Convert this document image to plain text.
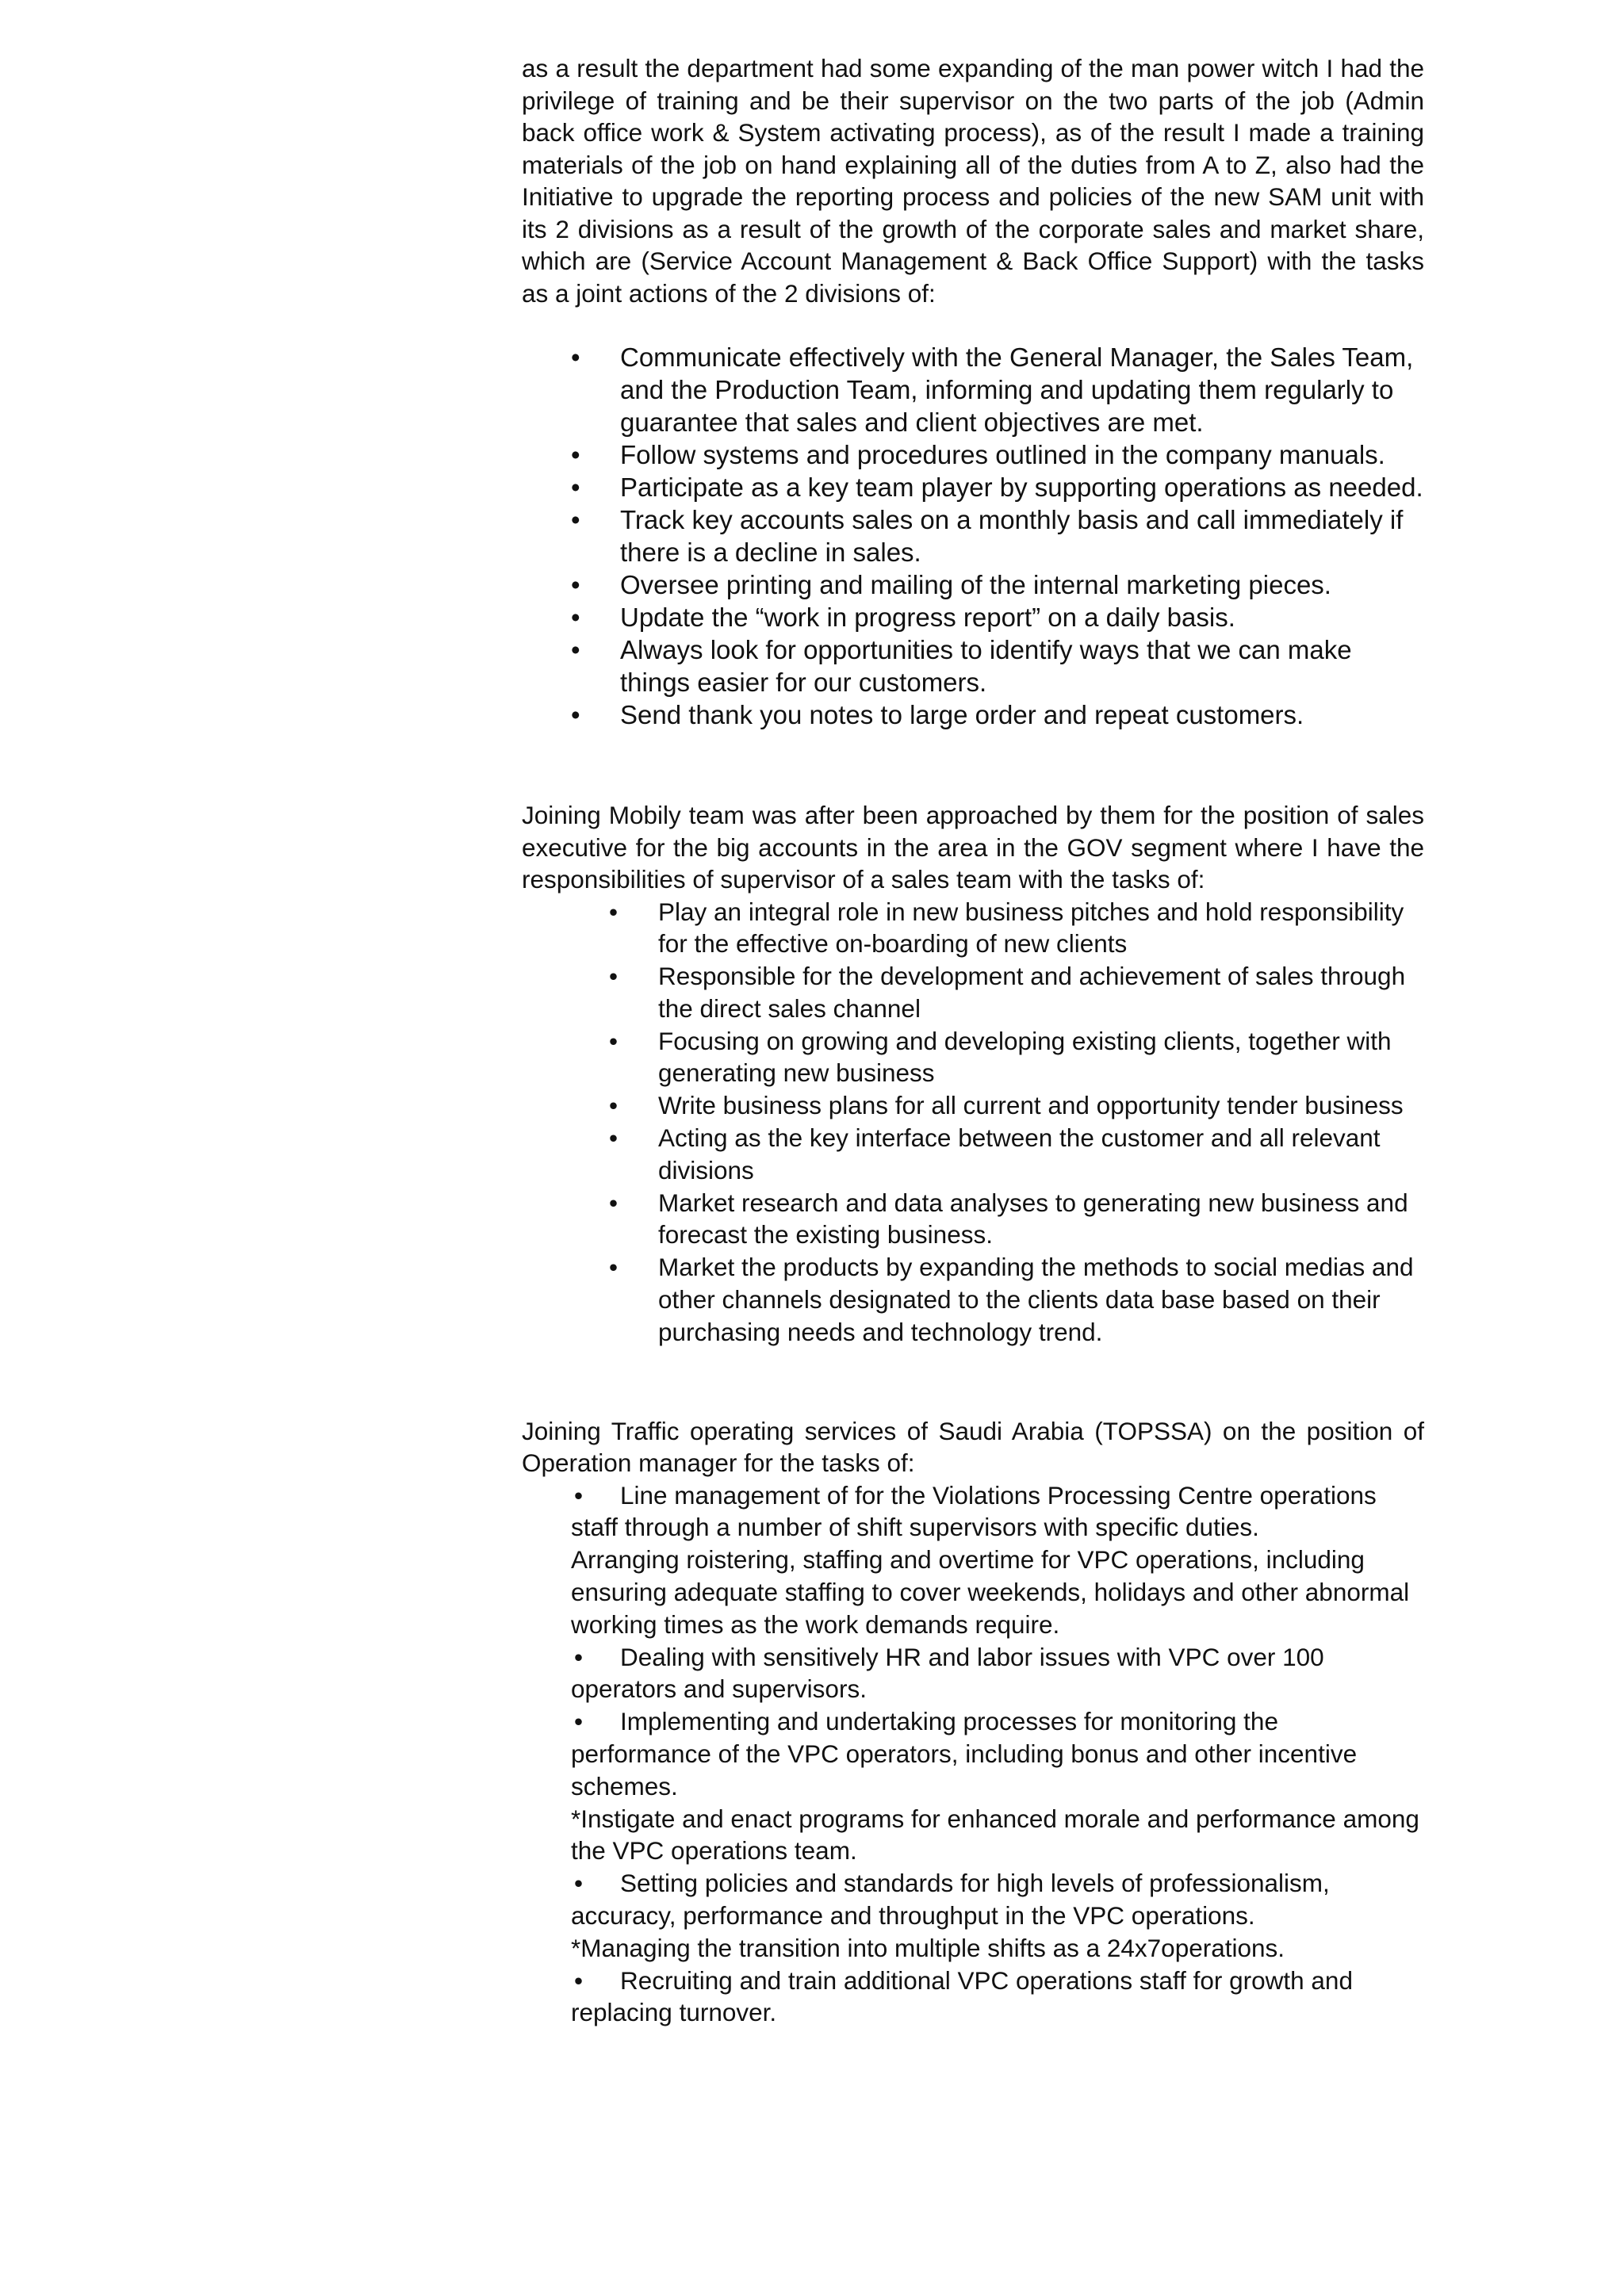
as a result the department had some expanding of the man power witch I had the privilege of training and be their supervisor on the two parts of the job (Admin back office work & System activating process), as of the result I made a training materials of the job on hand explaining all of the duties from A to Z, also had the Initiative to upgrade the reporting process and policies of the new SAM unit with its 2 divisions as a result of the growth of the corporate sales and market share, which are (Service Account Management & Back Office Support) with the tasks as a joint actions of the 2 divisions of:

• Communicate effectively with the General Manager, the Sales Team, and the Production Team, informing and updating them regularly to guarantee that sales and client objectives are met.
• Follow systems and procedures outlined in the company manuals.
• Participate as a key team player by supporting operations as needed.
• Track key accounts sales on a monthly basis and call immediately if there is a decline in sales.
• Oversee printing and mailing of the internal marketing pieces.
• Update the “work in progress report” on a daily basis.
• Always look for opportunities to identify ways that we can make things easier for our customers.
• Send thank you notes to large order and repeat customers.

Joining Mobily team was after been approached by them for the position of sales executive for the big accounts in the area in the GOV segment where I have the responsibilities of supervisor of a sales team with the tasks of:

• Play an integral role in new business pitches and hold responsibility for the effective on-boarding of new clients
• Responsible for the development and achievement of sales through the direct sales channel
• Focusing on growing and developing existing clients, together with generating new business
• Write business plans for all current and opportunity tender business
• Acting as the key interface between the customer and all relevant divisions
• Market research and data analyses to generating new business and forecast the existing business.
• Market the products by expanding the methods to social medias and other channels designated to the clients data base based on their purchasing needs and technology trend.

Joining Traffic operating services of Saudi Arabia (TOPSSA) on the position of Operation manager for the tasks of:

• Line management of for the Violations Processing Centre operations staff through a number of shift supervisors with specific duties.

Arranging roistering, staffing and overtime for VPC operations, including ensuring adequate staffing to cover weekends, holidays and other abnormal working times as the work demands require.

• Dealing with sensitively HR and labor issues with VPC over 100 operators and supervisors.

• Implementing and undertaking processes for monitoring the performance of the VPC operators, including bonus and other incentive schemes.

*Instigate and enact programs for enhanced morale and performance among the VPC operations team.

• Setting policies and standards for high levels of professionalism, accuracy, performance and throughput in the VPC operations.

*Managing the transition into multiple shifts as a 24x7operations.

• Recruiting and train additional VPC operations staff for growth and replacing turnover.
